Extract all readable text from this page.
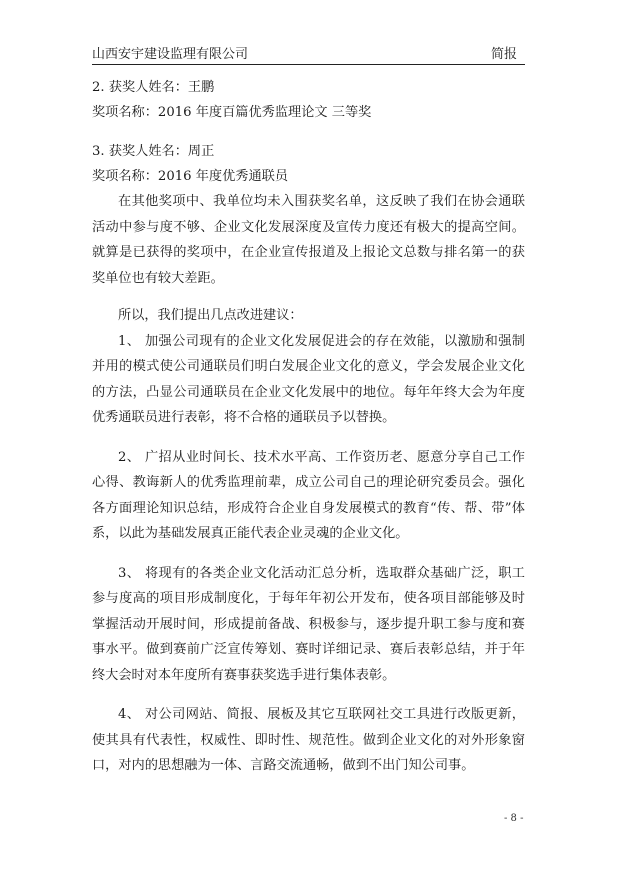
山西安宇建设监理有限公司	简报
2. 获奖人姓名：王鹏
奖项名称：2016 年度百篇优秀监理论文 三等奖
3. 获奖人姓名：周正
奖项名称：2016 年度优秀通联员

在其他奖项中、我单位均未入围获奖名单，这反映了我们在协会通联活动中参与度不够、企业文化发展深度及宣传力度还有极大的提高空间。就算是已获得的奖项中，在企业宣传报道及上报论文总数与排名第一的获奖单位也有较大差距。

所以，我们提出几点改进建议：

1、 加强公司现有的企业文化发展促进会的存在效能，以激励和强制并用的模式使公司通联员们明白发展企业文化的意义，学会发展企业文化的方法，凸显公司通联员在企业文化发展中的地位。每年年终大会为年度优秀通联员进行表彰，将不合格的通联员予以替换。

2、 广招从业时间长、技术水平高、工作资历老、愿意分享自己工作心得、教诲新人的优秀监理前辈，成立公司自己的理论研究委员会。强化各方面理论知识总结，形成符合企业自身发展模式的教育“传、帮、带”体系，以此为基础发展真正能代表企业灵魂的企业文化。

3、 将现有的各类企业文化活动汇总分析，选取群众基础广泛，职工参与度高的项目形成制度化，于每年年初公开发布，使各项目部能够及时掌握活动开展时间，形成提前备战、积极参与，逐步提升职工参与度和赛事水平。做到赛前广泛宣传筹划、赛时详细记录、赛后表彰总结，并于年终大会时对本年度所有赛事获奖选手进行集体表彰。

4、 对公司网站、简报、展板及其它互联网社交工具进行改版更新，使其具有代表性，权威性、即时性、规范性。做到企业文化的对外形象窗口，对内的思想融为一体、言路交流通畅，做到不出门知公司事。

- 8 -
